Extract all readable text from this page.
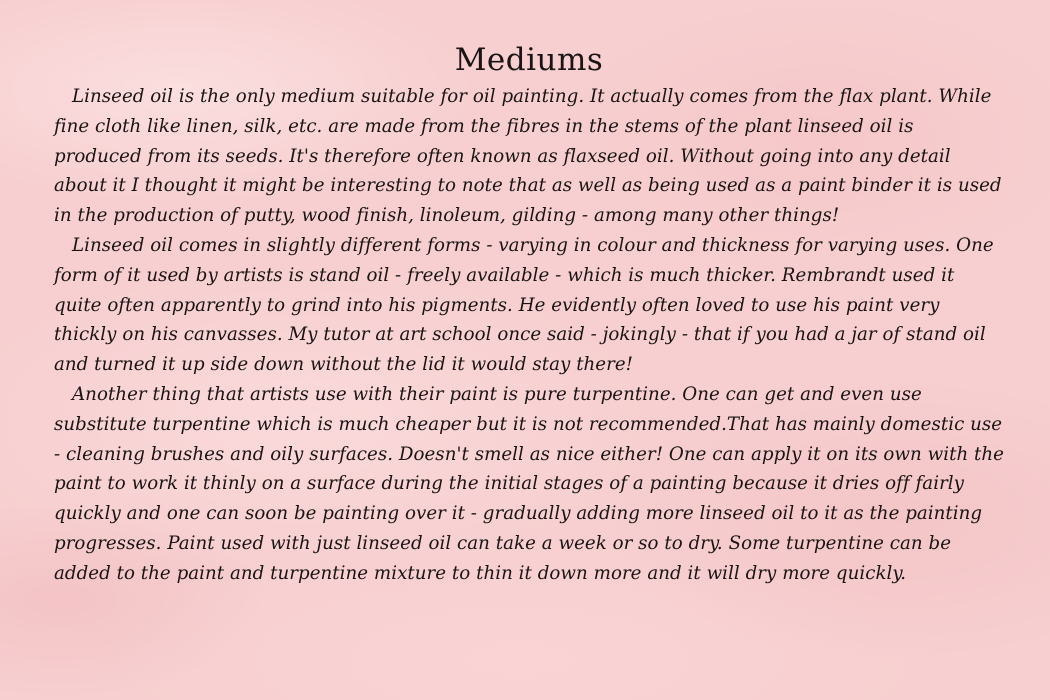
Mediums

Linseed oil is the only medium suitable for oil painting. It actually comes from the flax plant. While fine cloth like linen, silk, etc. are made from the fibres in the stems of the plant linseed oil is produced from its seeds. It's therefore often known as flaxseed oil. Without going into any detail about it I thought it might be interesting to note that as well as being used as a paint binder it is used in the production of putty, wood finish, linoleum, gilding - among many other things!

Linseed oil comes in slightly different forms - varying in colour and thickness for varying uses. One form of it used by artists is stand oil - freely available - which is much thicker. Rembrandt used it quite often apparently to grind into his pigments. He evidently often loved to use his paint very thickly on his canvasses. My tutor at art school once said - jokingly - that if you had a jar of stand oil and turned it up side down without the lid it would stay there!

Another thing that artists use with their paint is pure turpentine. One can get and even use substitute turpentine which is much cheaper but it is not recommended.That has mainly domestic use - cleaning brushes and oily surfaces. Doesn't smell as nice either! One can apply it on its own with the paint to work it thinly on a surface during the initial stages of a painting because it dries off fairly quickly and one can soon be painting over it - gradually adding more linseed oil to it as the painting progresses. Paint used with just linseed oil can take a week or so to dry. Some turpentine can be added to the paint and turpentine mixture to thin it down more and it will dry more quickly.
